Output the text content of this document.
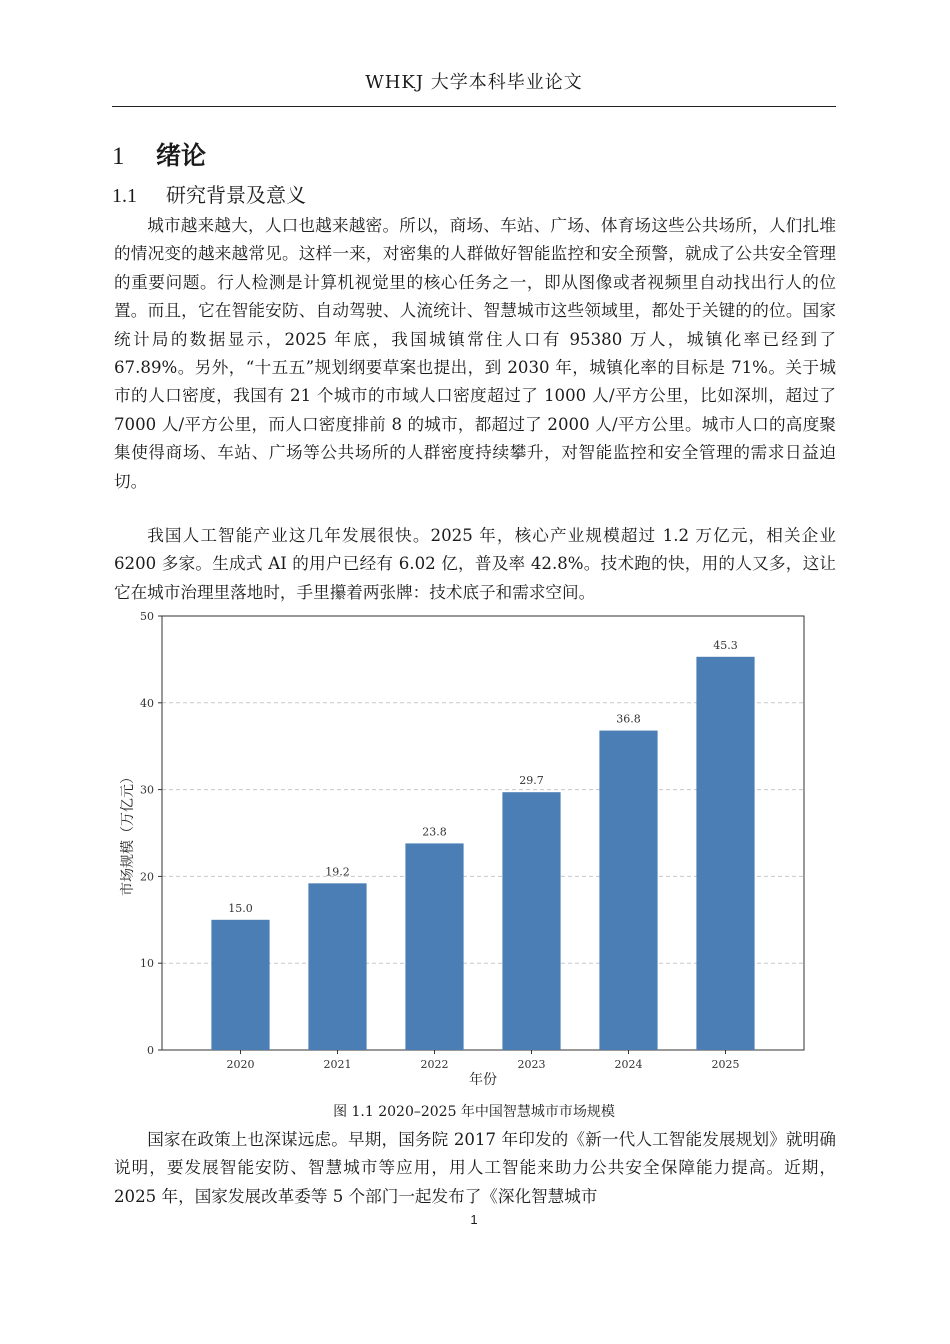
WHKJ 大学本科毕业论文
1 绪论
1.1 研究背景及意义

城市越来越大，人口也越来越密。所以，商场、车站、广场、体育场这些公共场所，人们扎堆的情况变的越来越常见。这样一来，对密集的人群做好智能监控和安全预警，就成了公共安全管理的重要问题。行人检测是计算机视觉里的核心任务之一，即从图像或者视频里自动找出行人的位置。而且，它在智能安防、自动驾驶、人流统计、智慧城市这些领域里，都处于关键的的位。国家统计局的数据显示，2025 年底，我国城镇常住人口有 95380 万人，城镇化率已经到了 67.89%。另外，“十五五”规划纲要草案也提出，到 2030 年，城镇化率的目标是 71%。关于城市的人口密度，我国有 21 个城市的市域人口密度超过了 1000 人/平方公里，比如深圳，超过了 7000 人/平方公里，而人口密度排前 8 的城市，都超过了 2000 人/平方公里。城市人口的高度聚集使得商场、车站、广场等公共场所的人群密度持续攀升，对智能监控和安全管理的需求日益迫切。

我国人工智能产业这几年发展很快。2025 年，核心产业规模超过 1.2 万亿元，相关企业 6200 多家。生成式 AI 的用户已经有 6.02 亿，普及率 42.8%。技术跑的快，用的人又多，这让它在城市治理里落地时，手里攥着两张牌：技术底子和需求空间。

15.0
19.2
23.8
29.7
36.8
45.3
0
10
20
30
40
50
2020	2021	2022	2023	2024	2025
年份
市场规模（万亿元）
图 1.1 2020–2025 年中国智慧城市市场规模

国家在政策上也深谋远虑。早期，国务院 2017 年印发的《新一代人工智能发展规划》就明确说明，要发展智能安防、智慧城市等应用，用人工智能来助力公共安全保障能力提高。近期，2025 年，国家发展改革委等 5 个部门一起发布了《深化智慧城市

1
